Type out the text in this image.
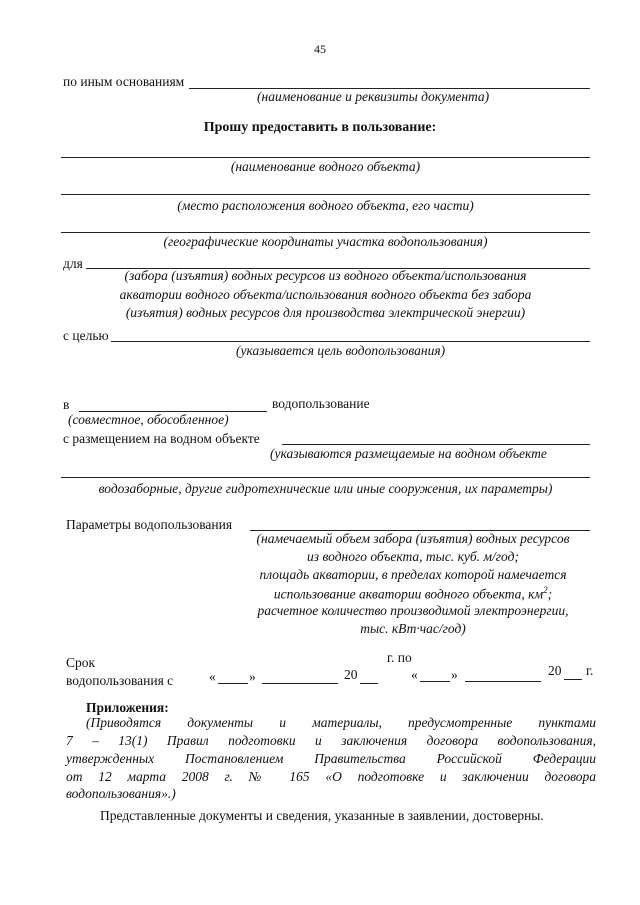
45
по иным основаниям
(наименование и реквизиты документа)
Прошу предоставить в пользование:
(наименование водного объекта)
(место расположения водного объекта, его части)
(географические координаты участка водопользования)
для
(забора (изъятия) водных ресурсов из водного объекта/использования
акватории водного объекта/использования водного объекта без забора
(изъятия) водных ресурсов для производства электрической энергии)
с целью
(указывается цель водопользования)
в	водопользование
(совместное, обособленное)
с размещением на водном объекте
(указываются размещаемые на водном объекте
водозаборные, другие гидротехнические или иные сооружения, их параметры)
Параметры водопользования
(намечаемый объем забора (изъятия) водных ресурсов
из водного объекта, тыс. куб. м/год;
площадь акватории, в пределах которой намечается
использование акватории водного объекта, $км^2$;
расчетное количество производимой электроэнергии,
тыс. кВт·час/год)
Срок	г. по
водопользования с	« »	20	« »	20 г.
Приложения:
(Приводятся документы и материалы, предусмотренные пунктами
7 – 13(1) Правил подготовки и заключения договора водопользования,
утвержденных Постановлением Правительства Российской Федерации
от 12 марта 2008 г. № 165 «О подготовке и заключении договора
водопользования».)
Представленные документы и сведения, указанные в заявлении, достоверны.
